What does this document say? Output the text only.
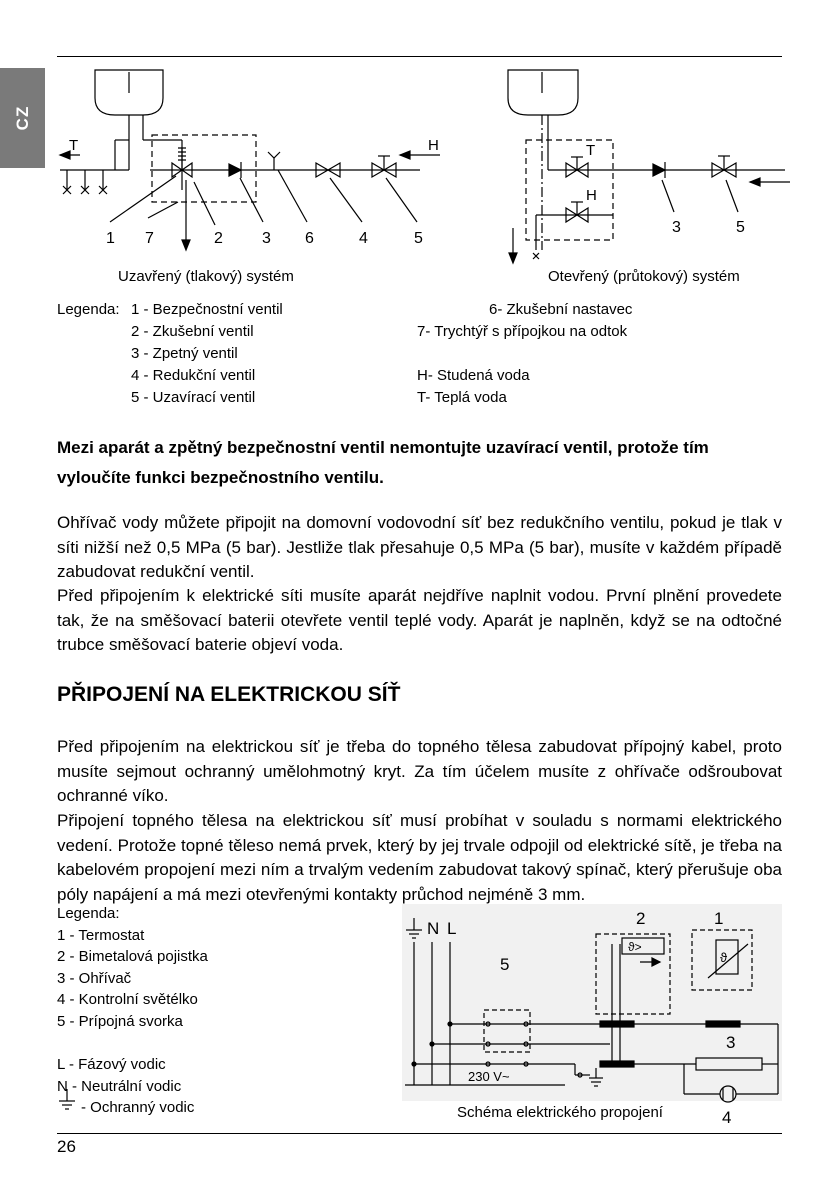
CZ
T	H
1 7	2 3 6	4	5
T
H
3	5
Uzavřený (tlakový) systém	Otevřený (průtokový) systém
Legenda: 1 - Bezpečnostní ventil
2 - Zkušební ventil
3 - Zpetný ventil
4 - Redukční ventil
5 - Uzavírací ventil
6- Zkušební nastavec
7- Trychtýř s přípojkou na odtok
H- Studená voda
T- Teplá voda
Mezi aparát a zpětný bezpečnostní ventil nemontujte uzavírací ventil, protože tím vyloučíte funkci bezpečnostního ventilu.
Ohřívač vody můžete připojit na domovní vodovodní síť bez redukčního ventilu, pokud je tlak v síti nižší než 0,5 MPa (5 bar). Jestliže tlak přesahuje 0,5 MPa (5 bar), musíte v každém případě zabudovat redukční ventil.
Před připojením k elektrické síti musíte aparát nejdříve naplnit vodou. První plnění provedete tak, že na směšovací baterii otevřete ventil teplé vody. Aparát je naplněn, když se na odtočné trubce směšovací baterie objeví voda.
PŘIPOJENÍ NA ELEKTRICKOU SÍŤ
Před připojením na elektrickou síť je třeba do topného tělesa zabudovat přípojný kabel, proto musíte sejmout ochranný umělohmotný kryt. Za tím účelem musíte z ohřívače odšroubovat ochranné víko.
Připojení topného tělesa na elektrickou síť musí probíhat v souladu s normami elektrického vedení. Protože topné těleso nemá prvek, který by jej trvale odpojil od elektrické sítě, je třeba na kabelovém propojení mezi ním a trvalým vedením zabudovat takový spínač, který přerušuje oba póly napájení a má mezi otevřenými kontakty průchod nejméně 3 mm.
Legenda:
1 - Termostat
2 - Bimetalová pojistka
3 - Ohřívač
4 - Kontrolní světélko
5 - Prípojná svorka
L - Fázový vodic
N - Neutrální vodic
- Ochranný vodic
N L
5
230 V~
2
ϑ>
1
ϑ
3
4
Schéma elektrického propojení
26
